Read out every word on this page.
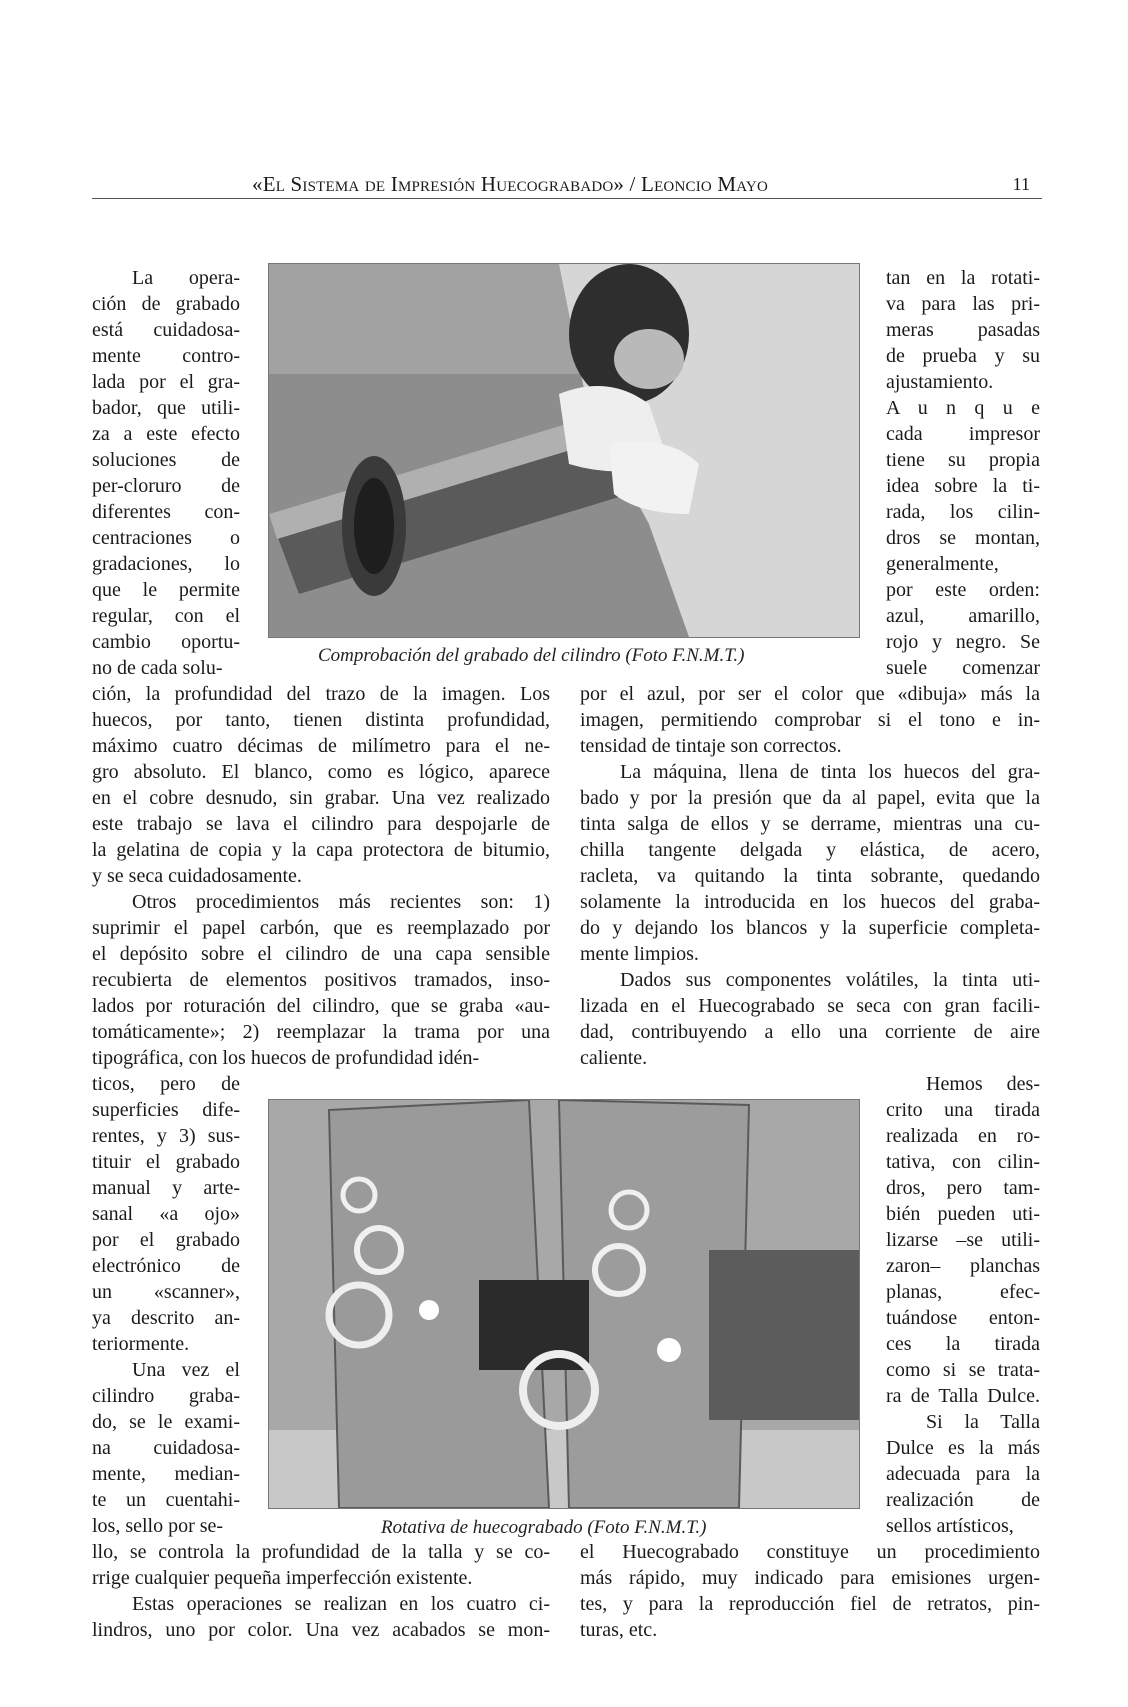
«El Sistema de Impresión Huecograbado» / Leoncio Mayo	11
Comprobación del grabado del cilindro (Foto F.N.M.T.)
Rotativa de huecograbado (Foto F.N.M.T.)
La opera-
ción de grabado
está cuidadosa-
mente contro-
lada por el gra-
bador, que utili-
za a este efecto
soluciones de
per-cloruro de
diferentes con-
centraciones o
gradaciones, lo
que le permite
regular, con el
cambio oportu-
no de cada solu-
tan en la rotati-
va para las pri-
meras pasadas
de prueba y su
ajustamiento.
A u n q u e
cada impresor
tiene su propia
idea sobre la ti-
rada, los cilin-
dros se montan,
generalmente,
por este orden:
azul, amarillo,
rojo y negro. Se
suele comenzar
ción, la profundidad del trazo de la imagen. Los
huecos, por tanto, tienen distinta profundidad,
máximo cuatro décimas de milímetro para el ne-
gro absoluto. El blanco, como es lógico, aparece
en el cobre desnudo, sin grabar. Una vez realizado
este trabajo se lava el cilindro para despojarle de
la gelatina de copia y la capa protectora de bitumio,
y se seca cuidadosamente.
Otros procedimientos más recientes son: 1)
suprimir el papel carbón, que es reemplazado por
el depósito sobre el cilindro de una capa sensible
recubierta de elementos positivos tramados, inso-
lados por roturación del cilindro, que se graba «au-
tomáticamente»; 2) reemplazar la trama por una
tipográfica, con los huecos de profundidad idén-
por el azul, por ser el color que «dibuja» más la
imagen, permitiendo comprobar si el tono e in-
tensidad de tintaje son correctos.
La máquina, llena de tinta los huecos del gra-
bado y por la presión que da al papel, evita que la
tinta salga de ellos y se derrame, mientras una cu-
chilla tangente delgada y elástica, de acero,
racleta, va quitando la tinta sobrante, quedando
solamente la introducida en los huecos del graba-
do y dejando los blancos y la superficie completa-
mente limpios.
Dados sus componentes volátiles, la tinta uti-
lizada en el Huecograbado se seca con gran facili-
dad, contribuyendo a ello una corriente de aire
caliente.
ticos, pero de
superficies dife-
rentes, y 3) sus-
tituir el grabado
manual y arte-
sanal «a ojo»
por el grabado
electrónico de
un «scanner»,
ya descrito an-
teriormente.
Una vez el
cilindro graba-
do, se le exami-
na cuidadosa-
mente, median-
te un cuentahi-
los, sello por se-
Hemos des-
crito una tirada
realizada en ro-
tativa, con cilin-
dros, pero tam-
bién pueden uti-
lizarse –se utili-
zaron– planchas
planas, efec-
tuándose enton-
ces la tirada
como si se trata-
ra de Talla Dulce.
Si la Talla
Dulce es la más
adecuada para la
realización de
sellos artísticos,
llo, se controla la profundidad de la talla y se co-
rrige cualquier pequeña imperfección existente.
Estas operaciones se realizan en los cuatro ci-
lindros, uno por color. Una vez acabados se mon-
el Huecograbado constituye un procedimiento
más rápido, muy indicado para emisiones urgen-
tes, y para la reproducción fiel de retratos, pin-
turas, etc.
